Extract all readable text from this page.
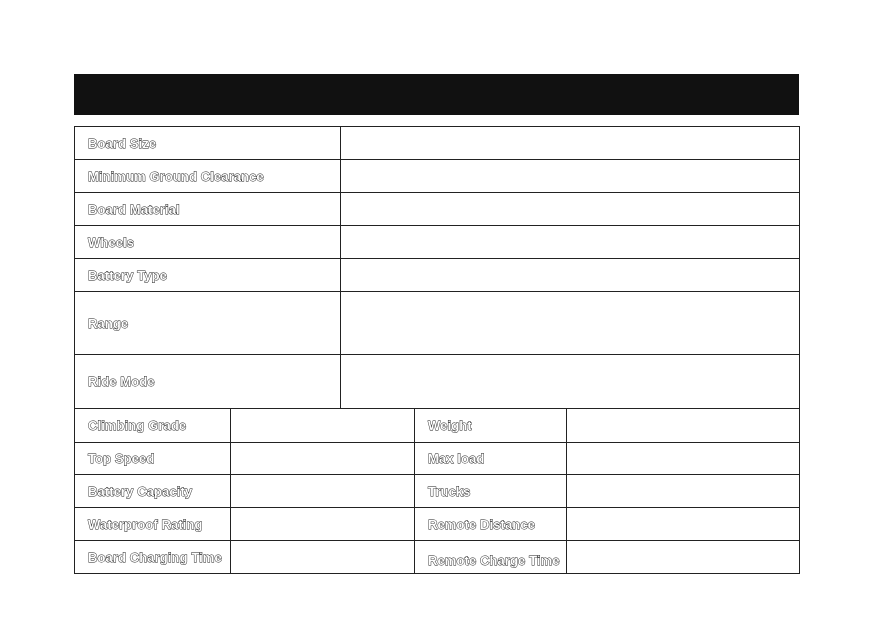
Board Size
Minimum Ground Clearance
Board Material
Wheels
Battery Type
Range
Ride Mode
Climbing Grade	Weight
Top Speed	Max load
Battery Capacity	Trucks
Waterproof Rating	Remote Distance
Board Charging Time	Remote Charge Time
